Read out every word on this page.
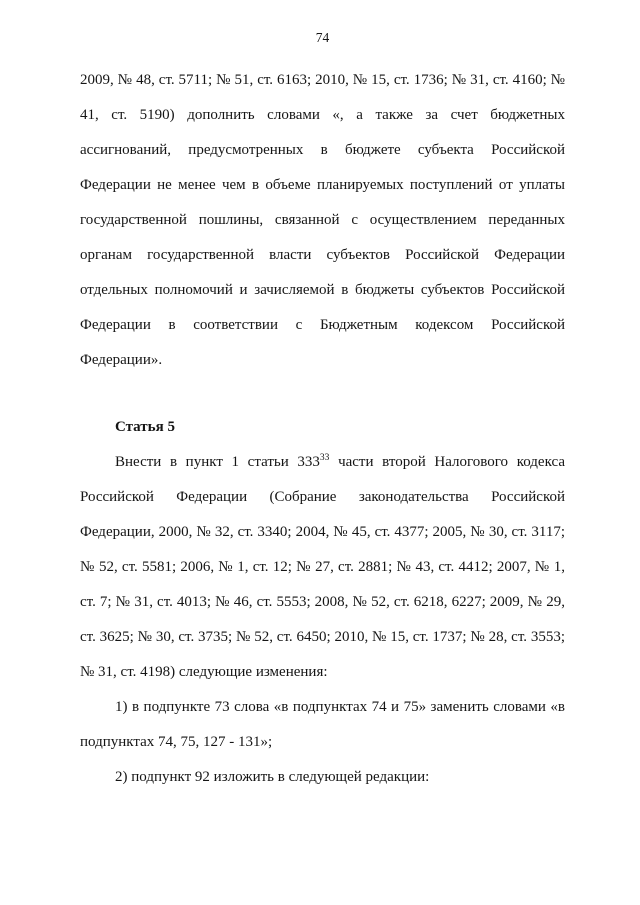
74

2009, № 48, ст. 5711; № 51, ст. 6163; 2010, № 15, ст. 1736; № 31, ст. 4160; № 41, ст. 5190) дополнить словами «, а также за счет бюджетных ассигнований, предусмотренных в бюджете субъекта Российской Федерации не менее чем в объеме планируемых поступлений от уплаты государственной пошлины, связанной с осуществлением переданных органам государственной власти субъектов Российской Федерации отдельных полномочий и зачисляемой в бюджеты субъектов Российской Федерации в соответствии с Бюджетным кодексом Российской Федерации».

Статья 5

Внести в пункт 1 статьи $333^{33}$ части второй Налогового кодекса Российской Федерации (Собрание законодательства Российской Федерации, 2000, № 32, ст. 3340; 2004, № 45, ст. 4377; 2005, № 30, ст. 3117; № 52, ст. 5581; 2006, № 1, ст. 12; № 27, ст. 2881; № 43, ст. 4412; 2007, № 1, ст. 7; № 31, ст. 4013; № 46, ст. 5553; 2008, № 52, ст. 6218, 6227; 2009, № 29, ст. 3625; № 30, ст. 3735; № 52, ст. 6450; 2010, № 15, ст. 1737; № 28, ст. 3553; № 31, ст. 4198) следующие изменения:

1) в подпункте 73 слова «в подпунктах 74 и 75» заменить словами «в подпунктах 74, 75, 127 - 131»;

2) подпункт 92 изложить в следующей редакции:
